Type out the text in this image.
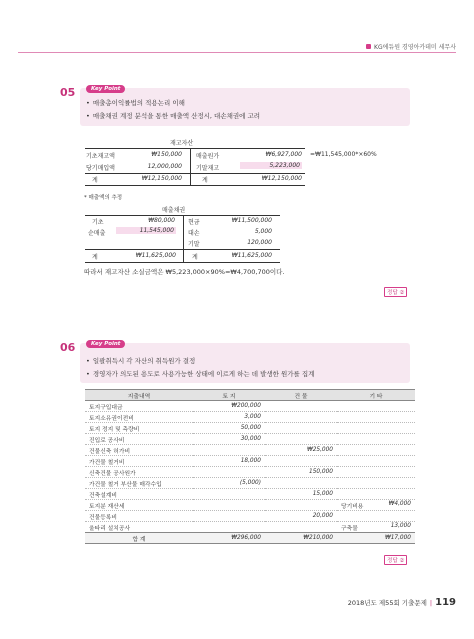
KG에듀원 경영아카데미 세무사
05	Key Point
• 매출총이익률법의 적용논리 이해
• 매출채권 계정 분석을 통한 매출액 산정시, 대손채권에 고려
재고자산
기초재고액	₩150,000 매출원가	₩6,927,000 =₩11,545,000*×60%
당기매입액	12,000,000 기말재고	5,223,000
계	₩12,150,000	계	₩12,150,000
* 매출액의 추정
매출채권
기초	₩80,000 현금	₩11,500,000
순매출	11,545,000	대손	5,000
기말	120,000
계	₩11,625,000	계	₩11,625,000
따라서 재고자산 소실금액은 ₩5,223,000×90%=₩4,700,700이다.
정답 ②
06	Key Point
• 일괄취득시 각 자산의 취득원가 결정
• 경영자가 의도된 용도로 사용가능한 상태에 이르게 하는 데 발생한 원가를 집계
지출내역	토 지	건 물	기 타
토지구입대금	₩200,000		

토지소유권이전비	3,000		

토지 정지 및 측량비	50,000		

진입로 공사비	30,000		

건물신축 허가비		₩25,000	

가건물 철거비	18,000		

신축건물 공사원가		150,000	

가건물 철거 부산물 매각수입	(5,000)		

건축설계비		15,000	

토지분 재산세			당기비용 ₩4,000

건물등록비		20,000	

울타리 설치공사			구축물 13,000

합 계	₩296,000	₩210,000	₩17,000
정답 ②
2018년도 제55회 기출문제 | 119
